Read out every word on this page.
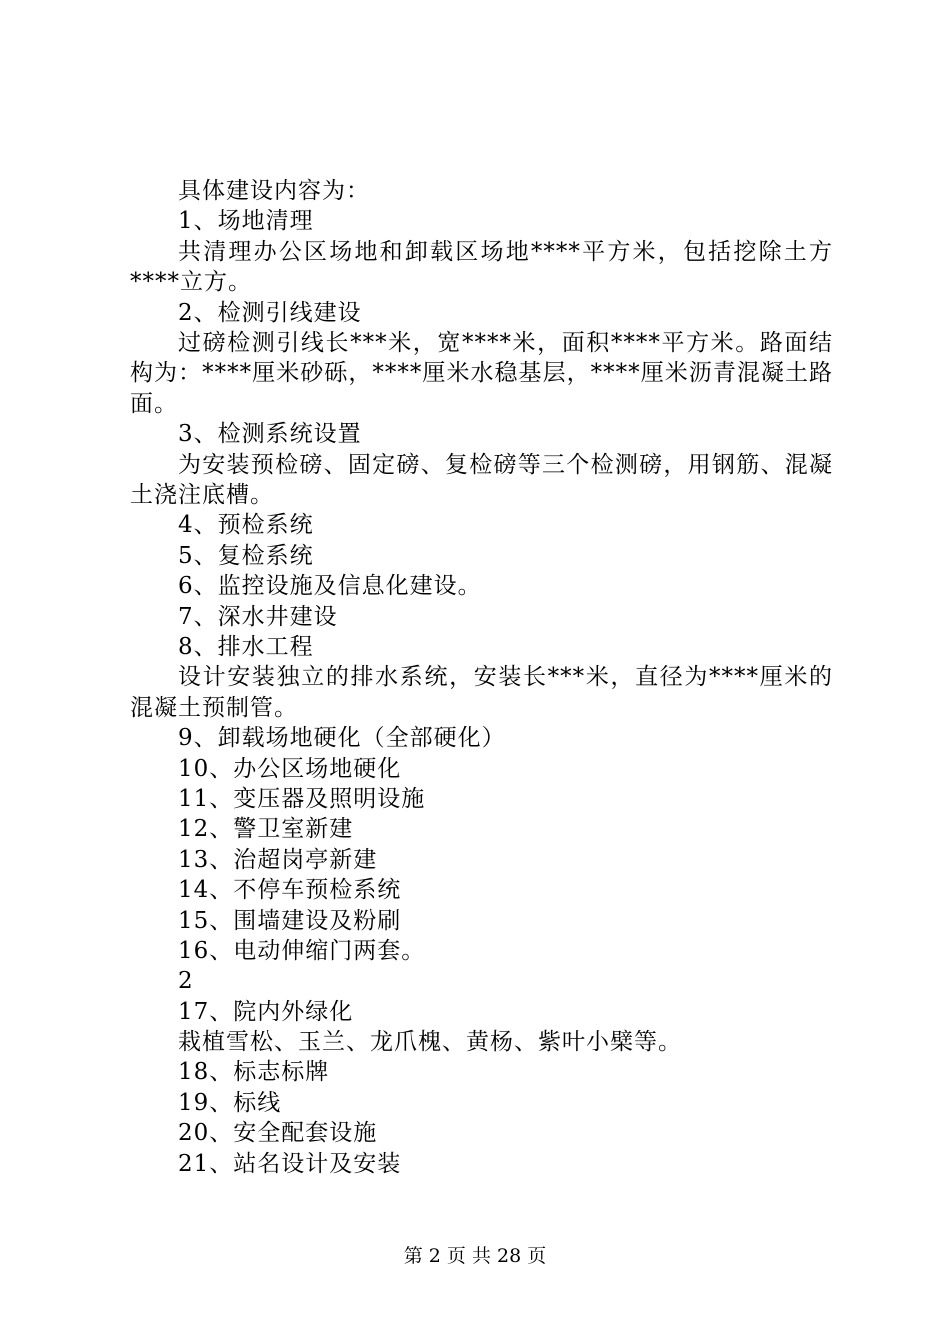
具体建设内容为：
1、场地清理
共清理办公区场地和卸载区场地****平方米，包括挖除土方****立方。
2、检测引线建设
过磅检测引线长***米，宽****米，面积****平方米。路面结构为：****厘米砂砾，****厘米水稳基层，****厘米沥青混凝土路面。
3、检测系统设置
为安装预检磅、固定磅、复检磅等三个检测磅，用钢筋、混凝土浇注底槽。
4、预检系统
5、复检系统
6、监控设施及信息化建设。
7、深水井建设
8、排水工程
设计安装独立的排水系统，安装长***米，直径为****厘米的混凝土预制管。
9、卸载场地硬化（全部硬化）
10、办公区场地硬化
11、变压器及照明设施
12、警卫室新建
13、治超岗亭新建
14、不停车预检系统
15、围墙建设及粉刷
16、电动伸缩门两套。
2
17、院内外绿化
栽植雪松、玉兰、龙爪槐、黄杨、紫叶小檗等。
18、标志标牌
19、标线
20、安全配套设施
21、站名设计及安装
第 2 页 共 28 页
